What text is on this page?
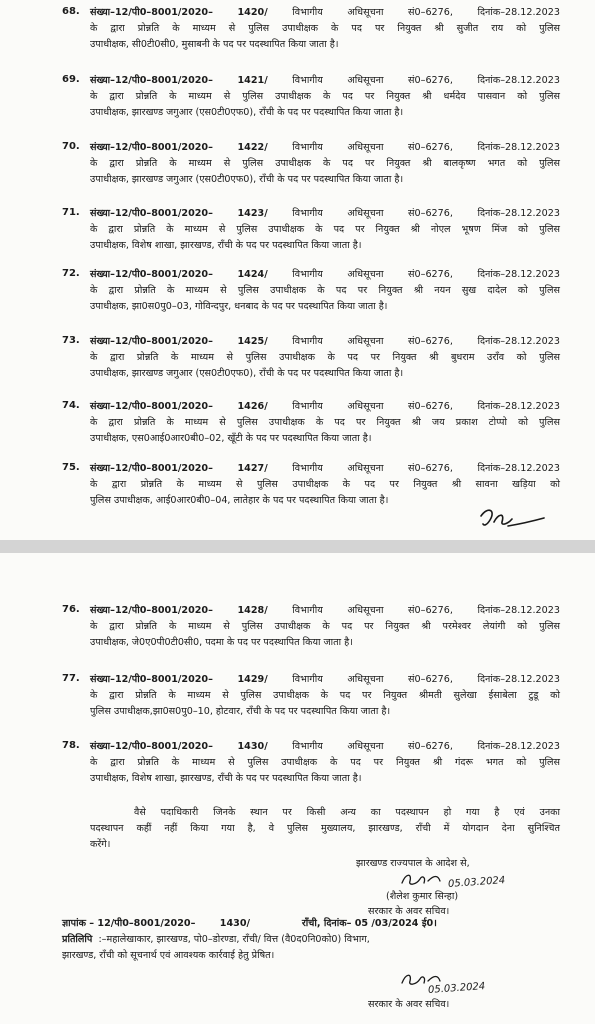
68. संख्या–12/पी0–8001/2020–	1420/	विभागीय अधिसूचना सं0–6276, दिनांक–28.12.2023
के द्वारा प्रोन्नति के माध्यम से पुलिस उपाधीक्षक के पद पर नियुक्त श्री सुजीत राय को पुलिस
उपाधीक्षक, सी0टी0सी0, मुसाबनी के पद पर पदस्थापित किया जाता है।
69. संख्या–12/पी0–8001/2020–	1421/	विभागीय अधिसूचना सं0–6276, दिनांक–28.12.2023
के द्वारा प्रोन्नति के माध्यम से पुलिस उपाधीक्षक के पद पर नियुक्त श्री धर्मदेव पासवान को पुलिस
उपाधीक्षक, झारखण्ड जगुआर (एस0टी0एफ0), राँची के पद पर पदस्थापित किया जाता है।
70. संख्या–12/पी0–8001/2020–	1422/	विभागीय अधिसूचना सं0–6276, दिनांक–28.12.2023
के द्वारा प्रोन्नति के माध्यम से पुलिस उपाधीक्षक के पद पर नियुक्त श्री बालकृष्ण भगत को पुलिस
उपाधीक्षक, झारखण्ड जगुआर (एस0टी0एफ0), राँची के पद पर पदस्थापित किया जाता है।
71. संख्या–12/पी0–8001/2020–	1423/	विभागीय अधिसूचना सं0–6276, दिनांक–28.12.2023
के द्वारा प्रोन्नति के माध्यम से पुलिस उपाधीक्षक के पद पर नियुक्त श्री नोएल भूषण मिंज को पुलिस
उपाधीक्षक, विशेष शाखा, झारखण्ड, राँची के पद पर पदस्थापित किया जाता है।
72. संख्या–12/पी0–8001/2020–	1424/	विभागीय अधिसूचना सं0–6276, दिनांक–28.12.2023
के द्वारा प्रोन्नति के माध्यम से पुलिस उपाधीक्षक के पद पर नियुक्त श्री नयन सुख दादेल को पुलिस
उपाधीक्षक, झा0स0पु0–03, गोविन्दपुर, धनबाद के पद पर पदस्थापित किया जाता है।
73. संख्या–12/पी0–8001/2020–	1425/	विभागीय अधिसूचना सं0–6276, दिनांक–28.12.2023
के द्वारा प्रोन्नति के माध्यम से पुलिस उपाधीक्षक के पद पर नियुक्त श्री बुधराम उराँव को पुलिस
उपाधीक्षक, झारखण्ड जगुआर (एस0टी0एफ0), राँची के पद पर पदस्थापित किया जाता है।
74. संख्या–12/पी0–8001/2020–	1426/	विभागीय अधिसूचना सं0–6276, दिनांक–28.12.2023
के द्वारा प्रोन्नति के माध्यम से पुलिस उपाधीक्षक के पद पर नियुक्त श्री जय प्रकाश टोप्पो को पुलिस
उपाधीक्षक, एस0आई0आर0बी0–02, खूँटी के पद पर पदस्थापित किया जाता है।
75. संख्या–12/पी0–8001/2020–	1427/	विभागीय अधिसूचना सं0–6276, दिनांक–28.12.2023
के द्वारा प्रोन्नति के माध्यम से पुलिस उपाधीक्षक के पद पर नियुक्त श्री सावना खड़िया को
पुलिस उपाधीक्षक, आई0आर0बी0–04, लातेहार के पद पर पदस्थापित किया जाता है।
76. संख्या–12/पी0–8001/2020–	1428/	विभागीय अधिसूचना सं0–6276, दिनांक–28.12.2023
के द्वारा प्रोन्नति के माध्यम से पुलिस उपाधीक्षक के पद पर नियुक्त श्री परमेश्वर लेयांगी को पुलिस
उपाधीक्षक, जे0ए0पी0टी0सी0, पदमा के पद पर पदस्थापित किया जाता है।
77. संख्या–12/पी0–8001/2020–	1429/	विभागीय अधिसूचना सं0–6276, दिनांक–28.12.2023
के द्वारा प्रोन्नति के माध्यम से पुलिस उपाधीक्षक के पद पर नियुक्त श्रीमती सुलेखा ईसाबेला टुडू को
पुलिस उपाधीक्षक,झा0स0पु0–10, होटवार, राँची के पद पर पदस्थापित किया जाता है।
78. संख्या–12/पी0–8001/2020–	1430/	विभागीय अधिसूचना सं0–6276, दिनांक–28.12.2023
के द्वारा प्रोन्नति के माध्यम से पुलिस उपाधीक्षक के पद पर नियुक्त श्री गंदरू भगत को पुलिस
उपाधीक्षक, विशेष शाखा, झारखण्ड, राँची के पद पर पदस्थापित किया जाता है।
वैसे पदाधिकारी जिनके स्थान पर किसी अन्य का पदस्थापन हो गया है एवं उनका
पदस्थापन कहीं नहीं किया गया है, वे पुलिस मुख्यालय, झारखण्ड, राँची में योगदान देना सुनिश्चित
करेंगे।
झारखण्ड राज्यपाल के आदेश से,
05.03.2024
(शैलेश कुमार सिन्हा)
सरकार के अवर सचिव।
ज्ञापांक – 12/पी0–8001/2020–	1430/	राँची, दिनांक– 05 /03/2024 ई0।
प्रतिलिपि :–महालेखाकार, झारखण्ड, पो0–डोरण्डा, राँची/ वित्त (वै0द0नि0को0) विभाग,
झारखण्ड, राँची को सूचनार्थ एवं आवश्यक कार्रवाई हेतु प्रेषित।
05.03.2024
सरकार के अवर सचिव।
